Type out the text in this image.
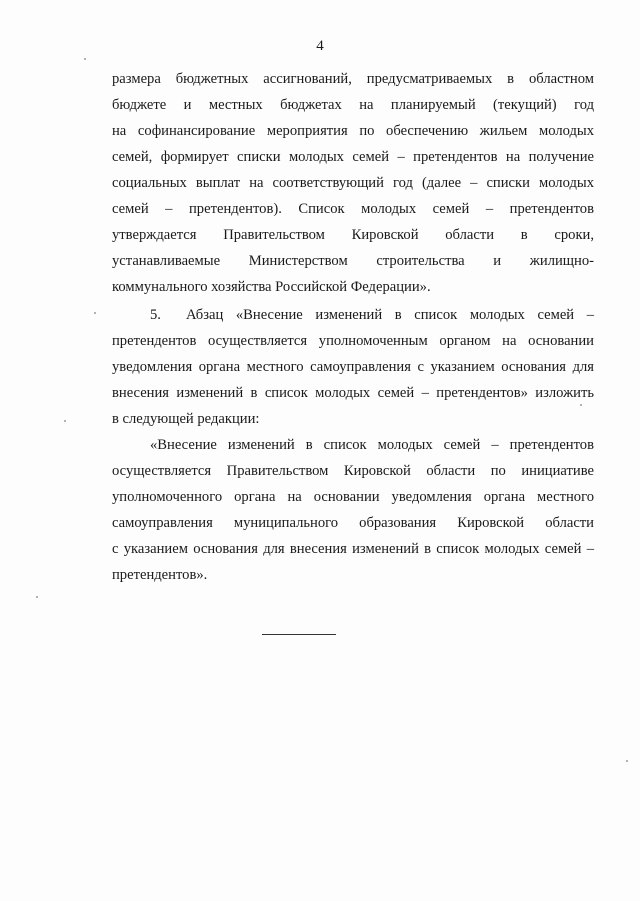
4
размера бюджетных ассигнований, предусматриваемых в областном
бюджете и местных бюджетах на планируемый (текущий) год
на софинансирование мероприятия по обеспечению жильем молодых
семей, формирует списки молодых семей – претендентов на получение
социальных выплат на соответствующий год (далее – списки молодых
семей – претендентов). Список молодых семей – претендентов
утверждается Правительством Кировской области в сроки,
устанавливаемые Министерством строительства и жилищно-
коммунального хозяйства Российской Федерации».
5. Абзац «Внесение изменений в список молодых семей –
претендентов осуществляется уполномоченным органом на основании
уведомления органа местного самоуправления с указанием основания для
внесения изменений в список молодых семей – претендентов» изложить
в следующей редакции:
«Внесение изменений в список молодых семей – претендентов
осуществляется Правительством Кировской области по инициативе
уполномоченного органа на основании уведомления органа местного
самоуправления муниципального образования Кировской области
с указанием основания для внесения изменений в список молодых семей –
претендентов».
